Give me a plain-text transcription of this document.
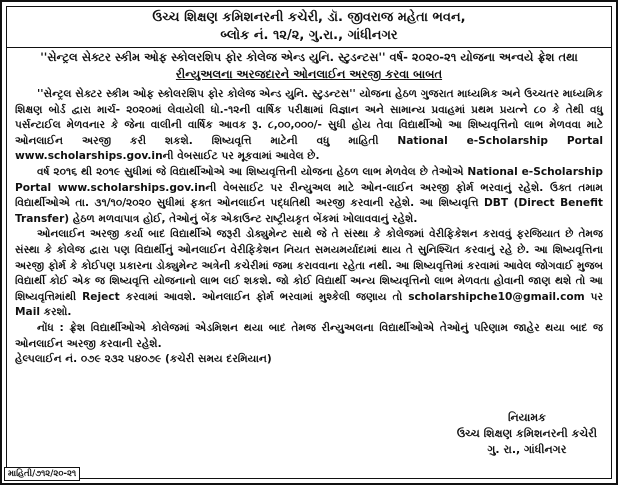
ઉચ્ચ શિક્ષણ કમિશનરની કચેરી, ડૉ. જીવરાજ મહેતા ભવન,
બ્લોક નં. ૧૨/૨, ગુ.રા., ગાંધીનગર
''સેન્ટ્રલ સેક્ટર સ્કીમ ઓફ સ્કોલરશિપ ફોર કોલેજ એન્ડ યુનિ. સ્ટુડન્ટસ'' વર્ષ- ૨૦૨૦-૨૧ યોજના અન્વયે ફ્રેશ તથા
રીન્યુઅલના અરજદારને ઓનલાઈન અરજી કરવા બાબત

''સેન્ટ્રલ સેક્ટર સ્કીમ ઓફ સ્કોલરશિપ ફોર કોલેજ એન્ડ યુનિ. સ્ટુડન્ટસ'' યોજના હેઠળ ગુજરાત માધ્યમિક અને ઉચ્ચતર માધ્યમિક શિક્ષણ બોર્ડ દ્વારા માર્ચ- ૨૦૨૦માં લેવાયેલી ધો.-૧૨ની વાર્ષિક પરીક્ષામાં વિજ્ઞાન અને સામાન્ય પ્રવાહમાં પ્રથમ પ્રયત્ને ૮૦ કે તેથી વધુ પર્સન્ટાઈલ મેળવનાર કે જેના વાલીની વાર્ષિક આવક રૂ. ૮,૦૦,૦૦૦/- સુધી હોય તેવા વિદ્યાર્થીઓ આ શિષ્યવૃત્તિનો લાભ મેળવવા માટે ઓનલાઈન અરજી કરી શકશે. શિષ્યવૃત્તિ માટેની વધુ માહિતી National e-Scholarship Portal www.scholarships.gov.inની વેબસાઈટ પર મૂકવામાં આવેલ છે.

વર્ષ ૨૦૧૬ થી ૨૦૧૯ સુધીમાં જે વિદ્યાર્થીઓએ આ શિષ્યવૃત્તિની યોજના હેઠળ લાભ મેળવેલ છે તેઓએ National e-Scholarship Portal www.scholarships.gov.inની વેબસાઈટ પર રીન્યુઅલ માટે ઓન-લાઈન અરજી ફોર્મ ભરવાનું રહેશે. ઉક્ત તમામ વિદ્યાર્થીઓએ તા. ૩૧/૧૦/૨૦૨૦ સુધીમાં ફક્ત ઓનલાઈન પદ્ધતિથી અરજી કરવાની રહેશે. આ શિષ્યવૃત્તિ DBT (Direct Benefit Transfer) હેઠળ મળવાપાત્ર હોઈ, તેઓનું બેંક એકાઉન્ટ રાષ્ટ્રીયકૃત બેંકમાં ખોલાવવાનું રહેશે.

ઓનલાઈન અરજી કર્યા બાદ વિદ્યાર્થીએ જરૂરી ડોક્યુમેન્ટ સાથે જે તે સંસ્થા કે કોલેજમાં વેરીફિકેશન કરાવવું ફરજિયાત છે તેમજ સંસ્થા કે કોલેજ દ્વારા પણ વિદ્યાર્થીનું ઓનલાઈન વેરીફિકેશન નિયત સમયમર્યાદામાં થાય તે સુનિશ્ચિત કરવાનું રહે છે. આ શિષ્યવૃત્તિના અરજી ફોર્મ કે કોઈપણ પ્રકારના ડોક્યુમેન્ટ અત્રેની કચેરીમાં જમા કરાવવાના રહેતા નથી. આ શિષ્યવૃત્તિમાં કરવામાં આવેલ જોગવાઈ મુજબ વિદ્યાર્થી કોઈ એક જ શિષ્યવૃત્તિ યોજનાનો લાભ લઈ શકશે. જો કોઈ વિદ્યાર્થી અન્ય શિષ્યવૃત્તિનો લાભ મેળવતા હોવાની જાણ થશે તો આ શિષ્યવૃત્તિમાંથી Reject કરવામાં આવશે. ઓનલાઈન ફોર્મ ભરવામાં મુશ્કેલી જણાય તો scholarshipche10@gmail.com પર Mail કરશો.

નોંધ : ફ્રેશ વિદ્યાર્થીઓએ કોલેજમાં એડમિશન થયા બાદ તેમજ રીન્યુઅલના વિદ્યાર્થીઓએ તેઓનું પરિણામ જાહેર થયા બાદ જ ઓનલાઈન અરજી કરવાની રહેશે.

હેલ્પલાઈન નં. ૦૭૯ ૨૩૨ ૫૪૦૭૯ (કચેરી સમય દરમિયાન)

નિયામક
ઉચ્ચ શિક્ષણ કમિશનરની કચેરી
ગુ. રા., ગાંધીનગર
માહિતી/૭૧૨/૨૦-૨૧
